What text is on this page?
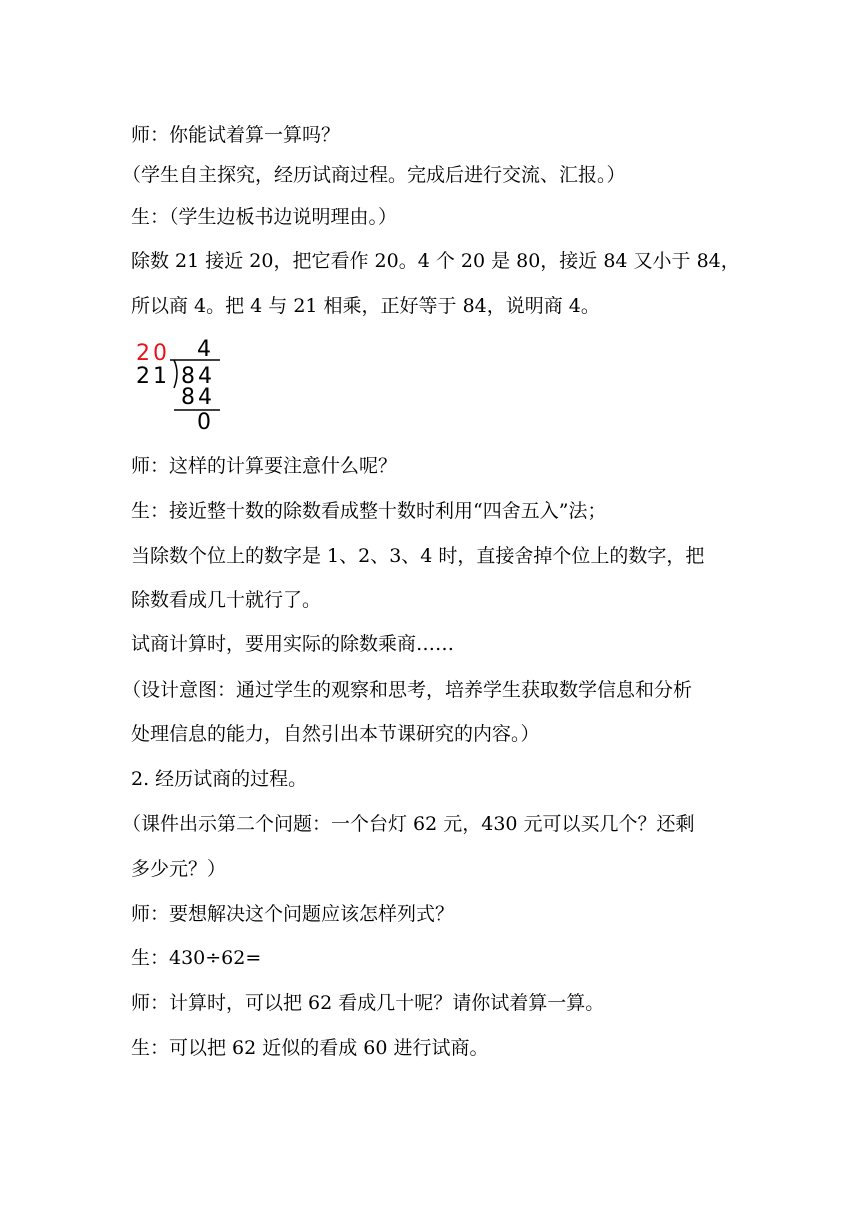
师：你能试着算一算吗？

（学生自主探究，经历试商过程。完成后进行交流、汇报。）

生：（学生边板书边说明理由。）

除数 21 接近 20，把它看作 20。4 个 20 是 80，接近 84 又小于 84，

所以商 4。把 4 与 21 相乘，正好等于 84，说明商 4。

20 4

21 84

84

0

师：这样的计算要注意什么呢？

生：接近整十数的除数看成整十数时利用“四舍五入”法；

当除数个位上的数字是 1、2、3、4 时，直接舍掉个位上的数字，把

除数看成几十就行了。

试商计算时，要用实际的除数乘商……

（设计意图：通过学生的观察和思考，培养学生获取数学信息和分析

处理信息的能力，自然引出本节课研究的内容。）

2. 经历试商的过程。

（课件出示第二个问题：一个台灯 62 元，430 元可以买几个？还剩

多少元？）

师：要想解决这个问题应该怎样列式？

生：430÷62=

师：计算时，可以把 62 看成几十呢？请你试着算一算。

生：可以把 62 近似的看成 60 进行试商。
